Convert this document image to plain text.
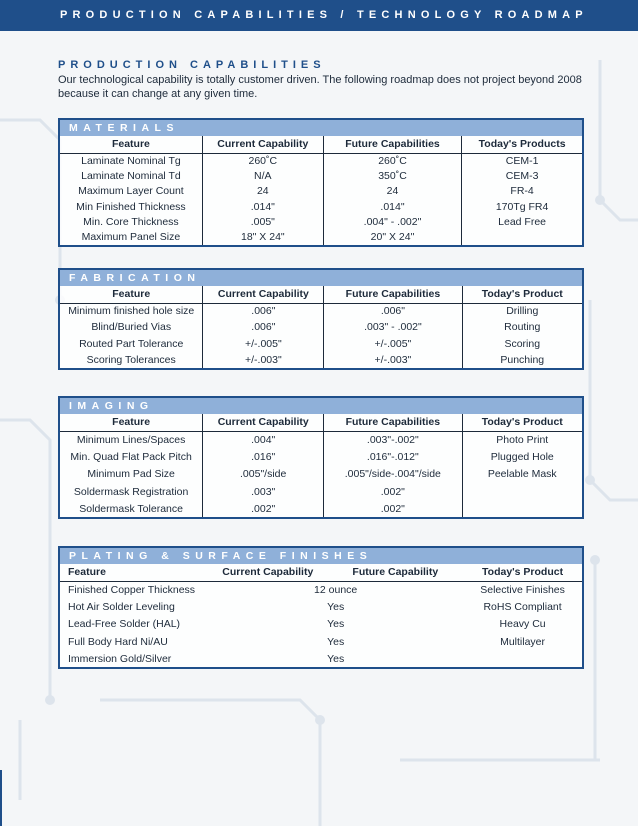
PRODUCTION CAPABILITIES / TECHNOLOGY ROADMAP
PRODUCTION CAPABILITIES
Our technological capability is totally customer driven. The following roadmap does not project beyond 2008 because it can change at any given time.
MATERIALS
Feature	Current Capability	Future Capabilities	Today's Products
Laminate Nominal Tg	260˚C	260˚C	CEM-1
Laminate Nominal Td	N/A	350˚C	CEM-3
Maximum Layer Count	24	24	FR-4
Min Finished Thickness	.014"	.014"	170Tg FR4
Min. Core Thickness	.005"	.004" - .002"	Lead Free
Maximum Panel Size	18" X 24"	20" X 24"	
FABRICATION
Feature	Current Capability	Future Capabilities	Today's Product
Minimum finished hole size	.006"	.006"	Drilling
Blind/Buried Vias	.006"	.003" - .002"	Routing
Routed Part Tolerance	+/-.005"	+/-.005"	Scoring
Scoring Tolerances	+/-.003"	+/-.003"	Punching
IMAGING
Feature	Current Capability	Future Capabilities	Today's Product
Minimum Lines/Spaces	.004"	.003"-.002"	Photo Print
Min. Quad Flat Pack Pitch	.016"	.016"-.012"	Plugged Hole
Minimum Pad Size	.005"/side	.005"/side-.004"/side	Peelable Mask
Soldermask Registration	.003"	.002"	
Soldermask Tolerance	.002"	.002"	
PLATING & SURFACE FINISHES
Feature	Current Capability	Future Capability	Today's Product
Finished Copper Thickness	12 ounce		Selective Finishes
Hot Air Solder Leveling	Yes		RoHS Compliant
Lead-Free Solder (HAL)	Yes		Heavy Cu
Full Body Hard Ni/AU	Yes		Multilayer
Immersion Gold/Silver	Yes		
